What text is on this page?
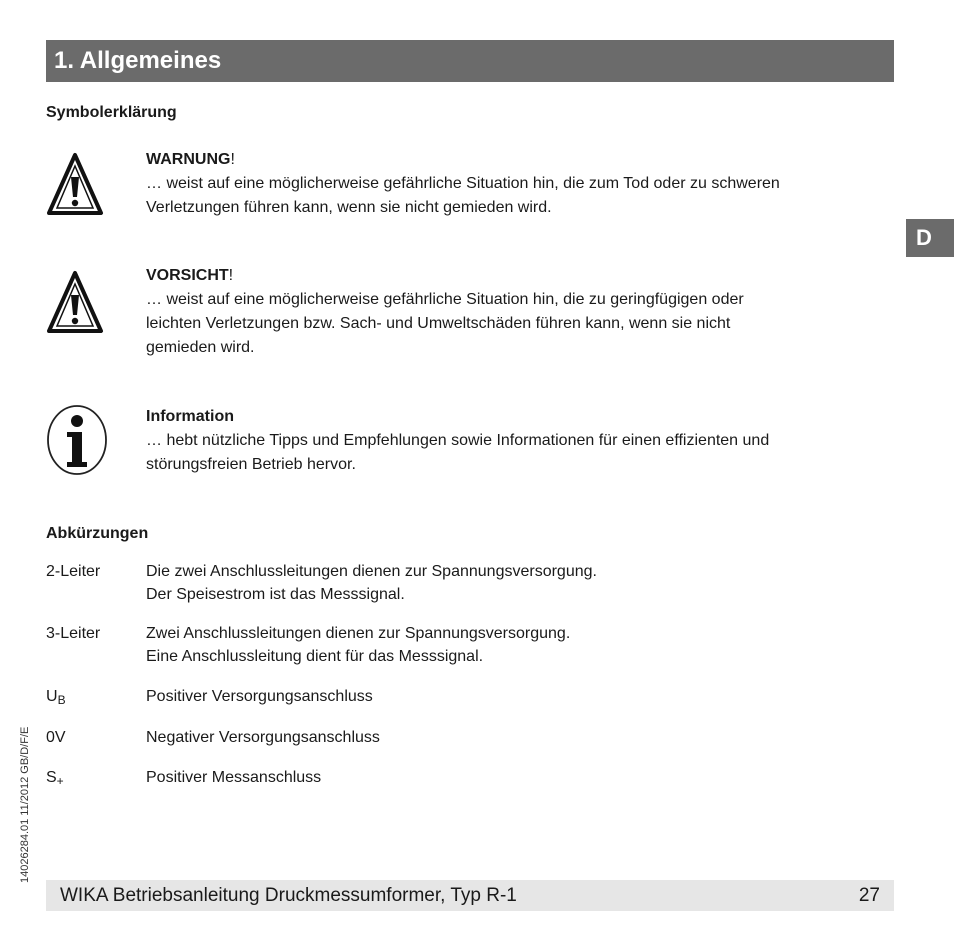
1. Allgemeines
Symbolerklärung
WARNUNG!
… weist auf eine möglicherweise gefährliche Situation hin, die zum Tod oder zu schweren
Verletzungen führen kann, wenn sie nicht gemieden wird.
VORSICHT!
… weist auf eine möglicherweise gefährliche Situation hin, die zu geringfügigen oder
leichten Verletzungen bzw. Sach- und Umweltschäden führen kann, wenn sie nicht
gemieden wird.
Information
… hebt nützliche Tipps und Empfehlungen sowie Informationen für einen effizienten und
störungsfreien Betrieb hervor.
D
Abkürzungen
2-Leiter	Die zwei Anschlussleitungen dienen zur Spannungsversorgung.
Der Speisestrom ist das Messsignal.
3-Leiter	Zwei Anschlussleitungen dienen zur Spannungsversorgung.
Eine Anschlussleitung dient für das Messsignal.
UB	Positiver Versorgungsanschluss
0V	Negativer Versorgungsanschluss
S+	Positiver Messanschluss
14026284.01 11/2012 GB/D/F/E
WIKA Betriebsanleitung Druckmessumformer, Typ R-1	27
